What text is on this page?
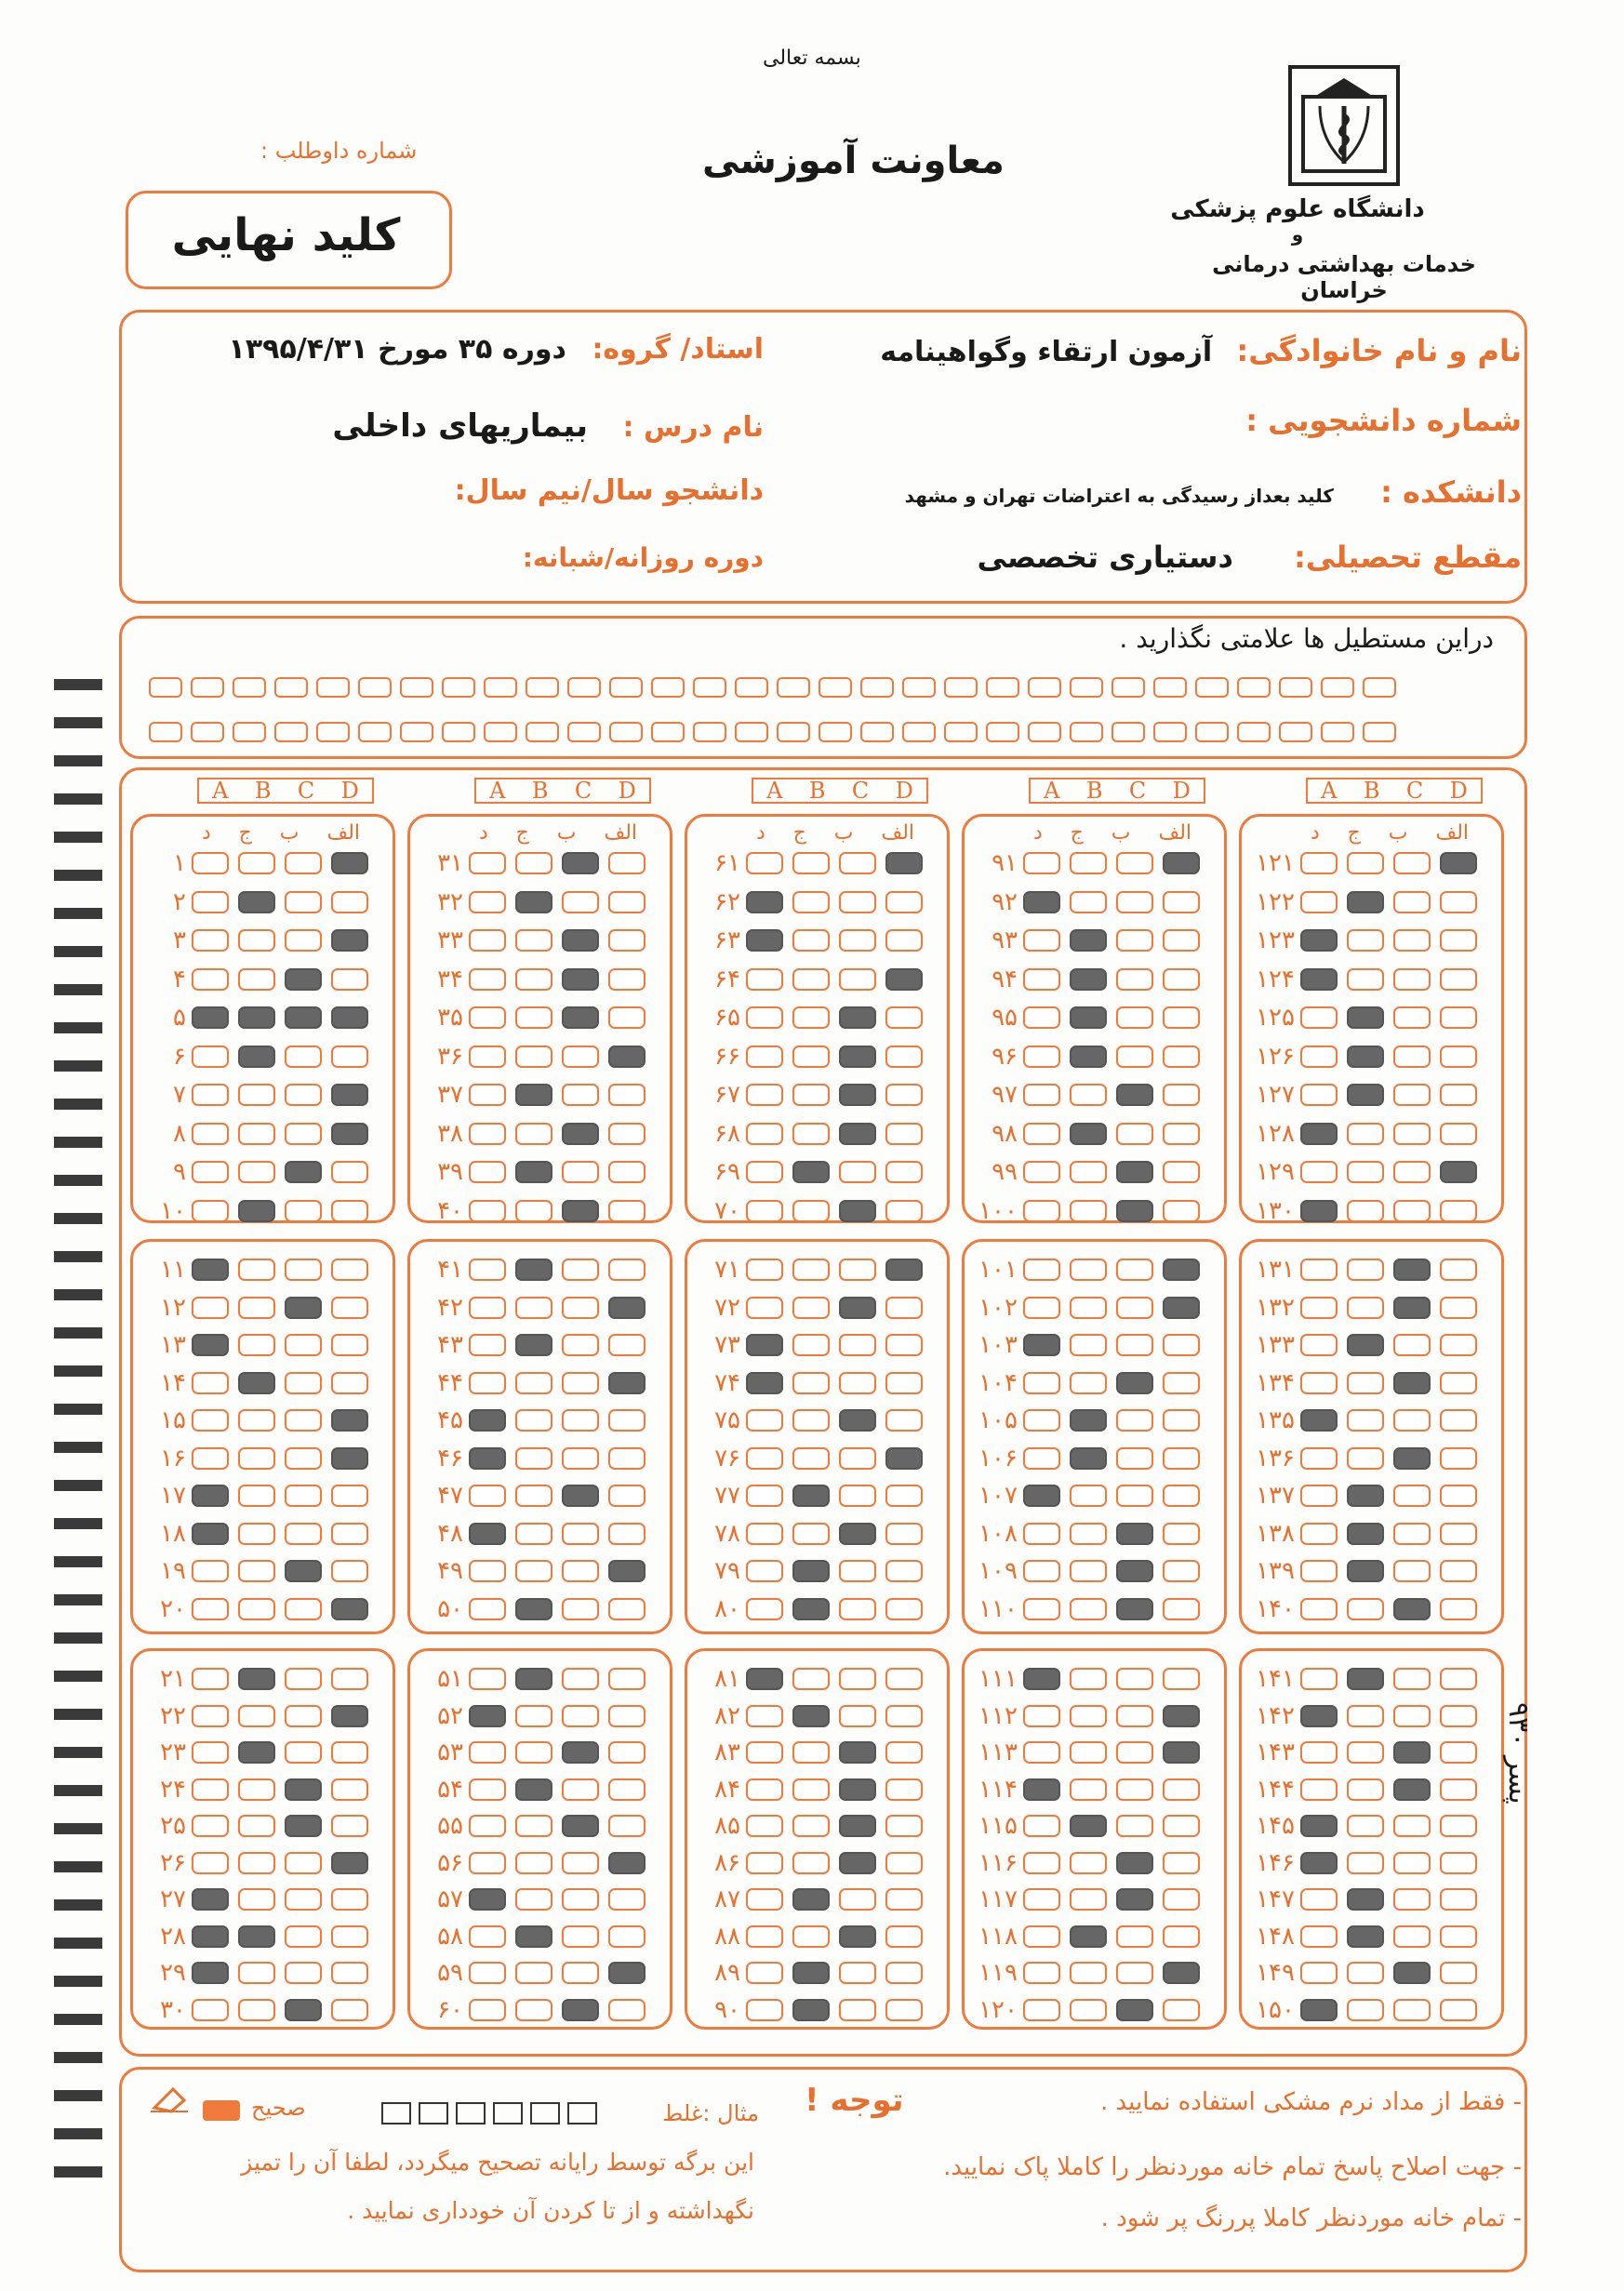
بسمه تعالی
معاونت آموزشی
شماره داوطلب :
کلید نهایی	دانشگاه علوم پزشکی
و
خدمات بهداشتی درمانی خراسان
نام و نام خانوادگی: آزمون ارتقاء وگواهینامه
استاد/ گروه: دوره ۳۵ مورخ ۱۳۹۵/۴/۳۱
شماره دانشجویی :
نام درس : بیماریهای داخلی
دانشکده : کلید بعداز رسیدگی به اعتراضات تهران و مشهد
دانشجو سال/نیم سال:
مقطع تحصیلی: دستیاری تخصصی
دوره روزانه/شبانه:
دراین مستطیل ها علامتی نگذارید .
A B C D
الف
ب
ج
د
۱
۲
۳
۴
۵
۶
۷
۸
۹
۱۰
۱۱
۱۲
۱۳
۱۴
۱۵
۱۶
۱۷
۱۸
۱۹
۲۰
۲۱
۲۲
۲۳
۲۴
۲۵
۲۶
۲۷
۲۸
۲۹
۳۰
A B C D
الف
ب
ج
د
۳۱
۳۲
۳۳
۳۴
۳۵
۳۶
۳۷
۳۸
۳۹
۴۰
۴۱
۴۲
۴۳
۴۴
۴۵
۴۶
۴۷
۴۸
۴۹
۵۰
۵۱
۵۲
۵۳
۵۴
۵۵
۵۶
۵۷
۵۸
۵۹
۶۰
A B C D
الف
ب
ج
د
۶۱
۶۲
۶۳
۶۴
۶۵
۶۶
۶۷
۶۸
۶۹
۷۰
۷۱
۷۲
۷۳
۷۴
۷۵
۷۶
۷۷
۷۸
۷۹
۸۰
۸۱
۸۲
۸۳
۸۴
۸۵
۸۶
۸۷
۸۸
۸۹
۹۰
A B C D
الف
ب
ج
د
۹۱
۹۲
۹۳
۹۴
۹۵
۹۶
۹۷
۹۸
۹۹
۱۰۰
۱۰۱
۱۰۲
۱۰۳
۱۰۴
۱۰۵
۱۰۶
۱۰۷
۱۰۸
۱۰۹
۱۱۰
۱۱۱
۱۱۲
۱۱۳
۱۱۴
۱۱۵
۱۱۶
۱۱۷
۱۱۸
۱۱۹
۱۲۰
A B C D
الف
ب
ج
د
۱۲۱
۱۲۲
۱۲۳
۱۲۴
۱۲۵
۱۲۶
۱۲۷
۱۲۸
۱۲۹
۱۳۰
۱۳۱
۱۳۲
۱۳۳
۱۳۴
۱۳۵
۱۳۶
۱۳۷
۱۳۸
۱۳۹
۱۴۰
۱۴۱
۱۴۲
۱۴۳
۱۴۴
۱۴۵
۱۴۶
۱۴۷
۱۴۸
۱۴۹
۱۵۰
- فقط از مداد نرم مشکی استفاده نمایید .
- جهت اصلاح پاسخ تمام خانه موردنظر را کاملا پاک نمایید.
- تمام خانه موردنظر کاملا پررنگ پر شود .
توجه !
مثال :غلط
صحیح
این برگه توسط رایانه تصحیح میگردد، لطفا آن را تمیز
نگهداشته و از تا کردن آن خودداری نمایید .
۹۳۰ پسر
